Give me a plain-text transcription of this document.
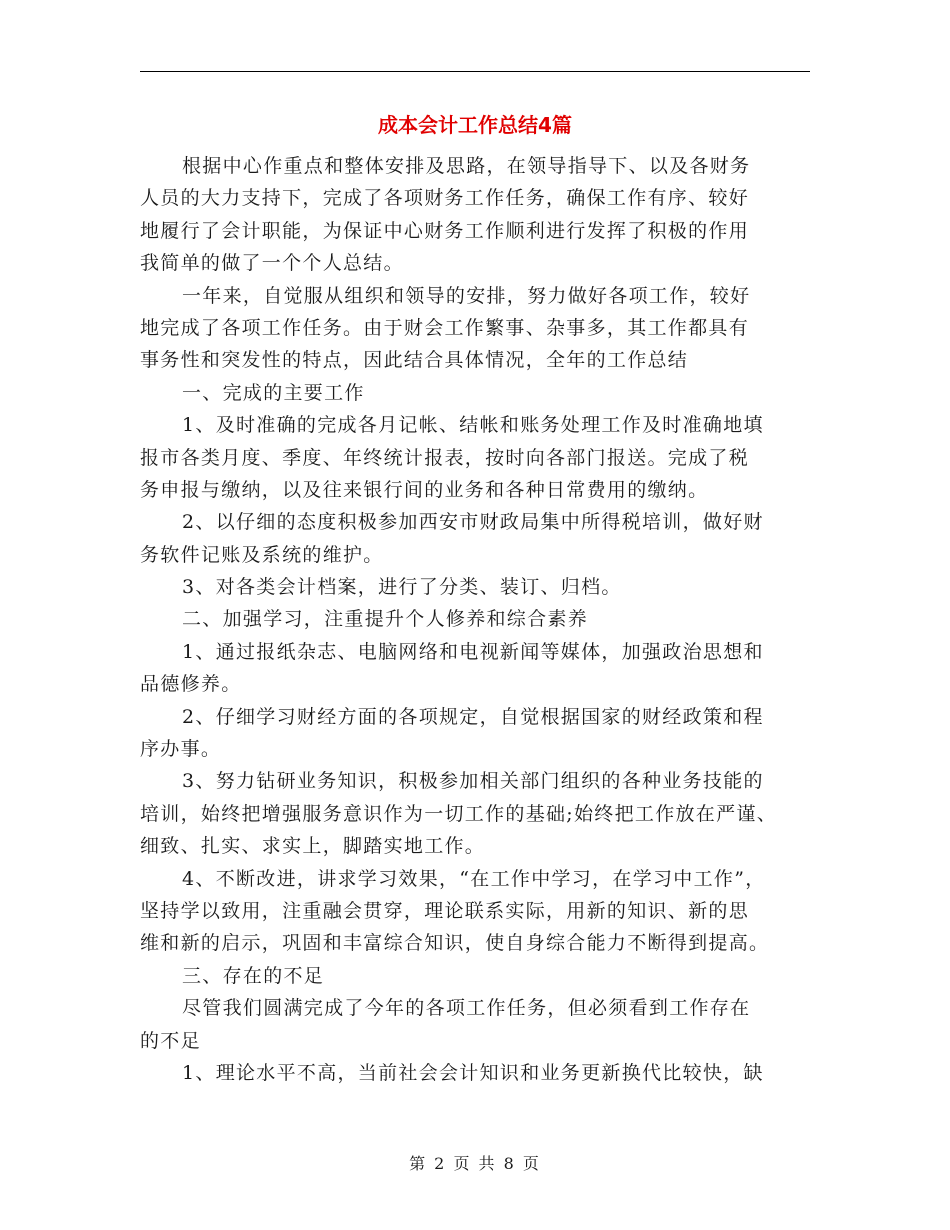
成本会计工作总结4篇
根据中心作重点和整体安排及思路，在领导指导下、以及各财务
人员的大力支持下，完成了各项财务工作任务，确保工作有序、较好
地履行了会计职能，为保证中心财务工作顺利进行发挥了积极的作用
我简单的做了一个个人总结。
一年来，自觉服从组织和领导的安排，努力做好各项工作，较好
地完成了各项工作任务。由于财会工作繁事、杂事多，其工作都具有
事务性和突发性的特点，因此结合具体情况，全年的工作总结
一、完成的主要工作
1、及时准确的完成各月记帐、结帐和账务处理工作及时准确地填
报市各类月度、季度、年终统计报表，按时向各部门报送。完成了税
务申报与缴纳，以及往来银行间的业务和各种日常费用的缴纳。
2、以仔细的态度积极参加西安市财政局集中所得税培训，做好财
务软件记账及系统的维护。
3、对各类会计档案，进行了分类、装订、归档。
二、加强学习，注重提升个人修养和综合素养
1、通过报纸杂志、电脑网络和电视新闻等媒体，加强政治思想和
品德修养。
2、仔细学习财经方面的各项规定，自觉根据国家的财经政策和程
序办事。
3、努力钻研业务知识，积极参加相关部门组织的各种业务技能的
培训，始终把增强服务意识作为一切工作的基础;始终把工作放在严谨、
细致、扎实、求实上，脚踏实地工作。
4、不断改进，讲求学习效果，“在工作中学习，在学习中工作”，
坚持学以致用，注重融会贯穿，理论联系实际，用新的知识、新的思
维和新的启示，巩固和丰富综合知识，使自身综合能力不断得到提高。
三、存在的不足
尽管我们圆满完成了今年的各项工作任务，但必须看到工作存在
的不足
1、理论水平不高，当前社会会计知识和业务更新换代比较快，缺
第 2 页 共 8 页
